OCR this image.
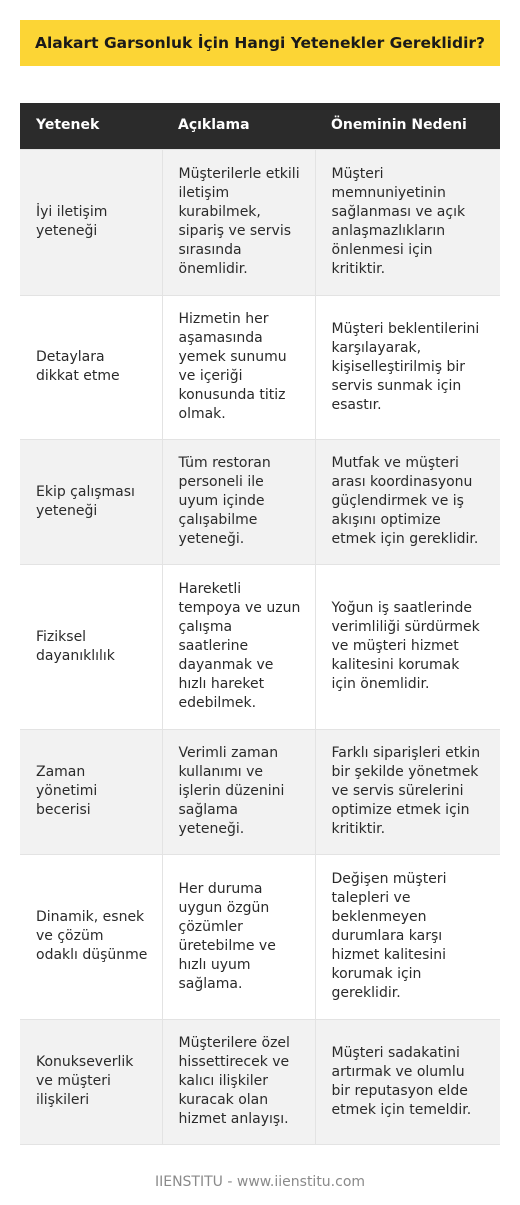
Alakart Garsonluk İçin Hangi Yetenekler Gereklidir?
Yetenek	Açıklama	Öneminin Nedeni
İyi iletişim yeteneği	Müşterilerle etkili iletişim kurabilmek, sipariş ve servis sırasında önemlidir.	Müşteri memnuniyetinin sağlanması ve açık anlaşmazlıkların önlenmesi için kritiktir.
Detaylara dikkat etme	Hizmetin her aşamasında yemek sunumu ve içeriği konusunda titiz olmak.	Müşteri beklentilerini karşılayarak, kişiselleştirilmiş bir servis sunmak için esastır.
Ekip çalışması yeteneği	Tüm restoran personeli ile uyum içinde çalışabilme yeteneği.	Mutfak ve müşteri arası koordinasyonu güçlendirmek ve iş akışını optimize etmek için gereklidir.
Fiziksel dayanıklılık	Hareketli tempoya ve uzun çalışma saatlerine dayanmak ve hızlı hareket edebilmek.	Yoğun iş saatlerinde verimliliği sürdürmek ve müşteri hizmet kalitesini korumak için önemlidir.
Zaman yönetimi becerisi	Verimli zaman kullanımı ve işlerin düzenini sağlama yeteneği.	Farklı siparişleri etkin bir şekilde yönetmek ve servis sürelerini optimize etmek için kritiktir.
Dinamik, esnek ve çözüm odaklı düşünme	Her duruma uygun özgün çözümler üretebilme ve hızlı uyum sağlama.	Değişen müşteri talepleri ve beklenmeyen durumlara karşı hizmet kalitesini korumak için gereklidir.
Konukseverlik ve müşteri ilişkileri	Müşterilere özel hissettirecek ve kalıcı ilişkiler kuracak olan hizmet anlayışı.	Müşteri sadakatini artırmak ve olumlu bir reputasyon elde etmek için temeldir.
IIENSTITU - www.iienstitu.com
